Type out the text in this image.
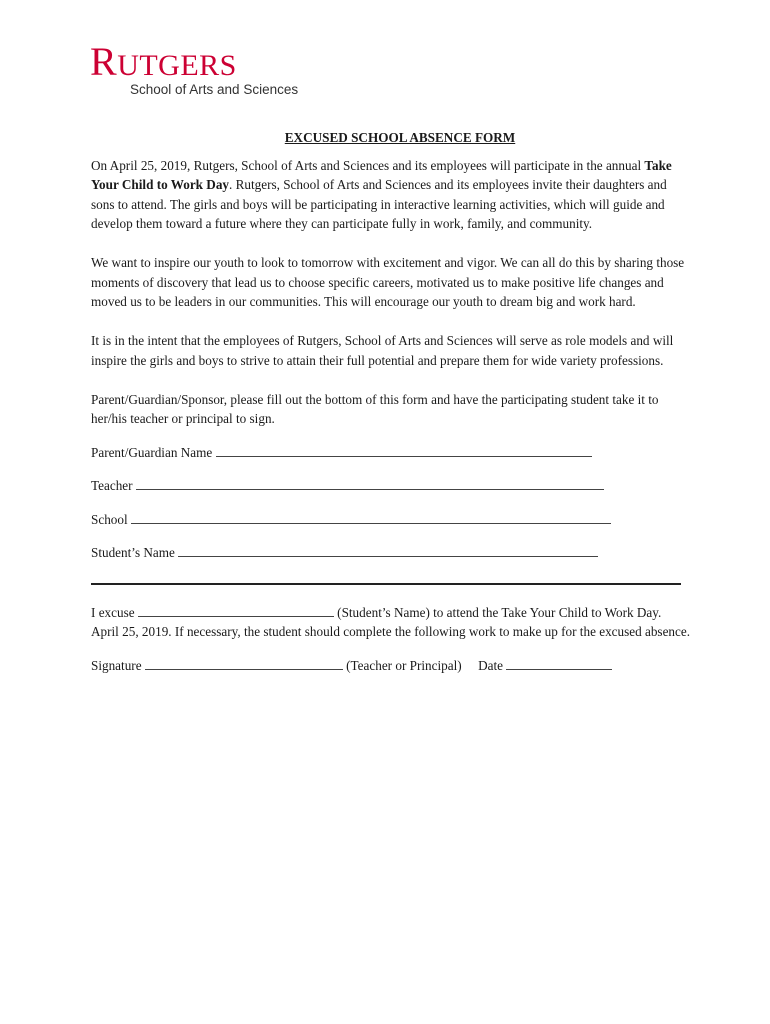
RUTGERS
School of Arts and Sciences
EXCUSED SCHOOL ABSENCE FORM

On April 25, 2019, Rutgers, School of Arts and Sciences and its employees will participate in the annual Take Your Child to Work Day. Rutgers, School of Arts and Sciences and its employees invite their daughters and sons to attend. The girls and boys will be participating in interactive learning activities, which will guide and develop them toward a future where they can participate fully in work, family, and community.

We want to inspire our youth to look to tomorrow with excitement and vigor. We can all do this by sharing those moments of discovery that lead us to choose specific careers, motivated us to make positive life changes and moved us to be leaders in our communities. This will encourage our youth to dream big and work hard.

It is in the intent that the employees of Rutgers, School of Arts and Sciences will serve as role models and will inspire the girls and boys to strive to attain their full potential and prepare them for wide variety professions.

Parent/Guardian/Sponsor, please fill out the bottom of this form and have the participating student take it to her/his teacher or principal to sign.

Parent/Guardian Name
Teacher
School
Student’s Name

I excuse	(Student’s Name) to attend the Take Your Child to Work Day. April 25, 2019. If necessary, the student should complete the following work to make up for the excused absence.

Signature	(Teacher or Principal) Date
